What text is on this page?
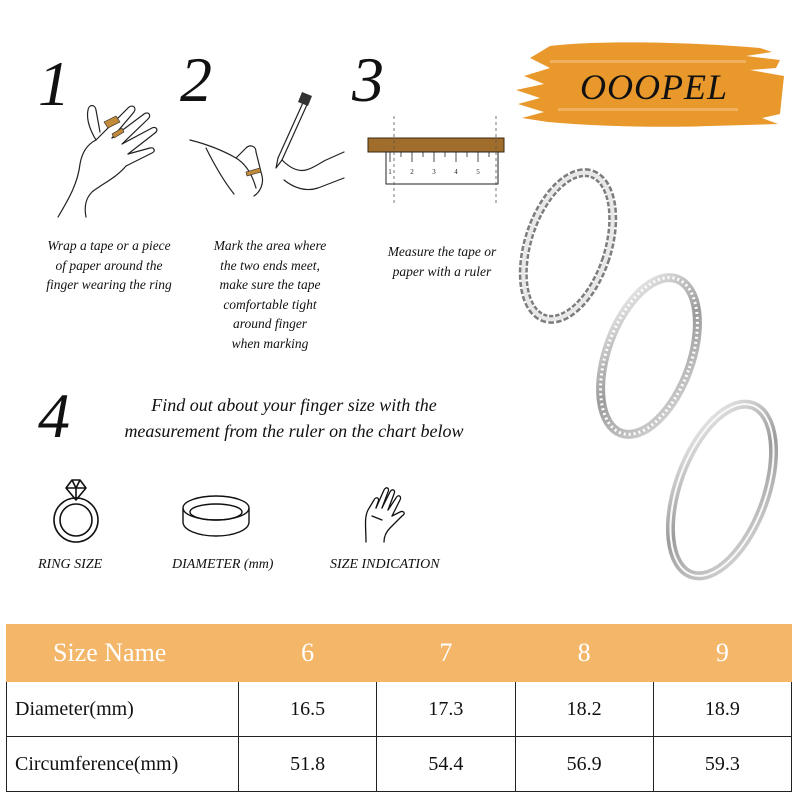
1 2 3
4
1	2	3	4	5
Wrap a tape or a piece
of paper around the
finger wearing the ring
Mark the area where
the two ends meet,
make sure the tape
comfortable tight
around finger
when marking
Measure the tape or
paper with a ruler
Find out about your finger size with the
measurement from the ruler on the chart below
OOOPEL
RING SIZE	DIAMETER (mm)	SIZE INDICATION
Size Name	6	7	8	9
Diameter(mm)	16.5	17.3	18.2	18.9
Circumference(mm)	51.8	54.4	56.9	59.3
